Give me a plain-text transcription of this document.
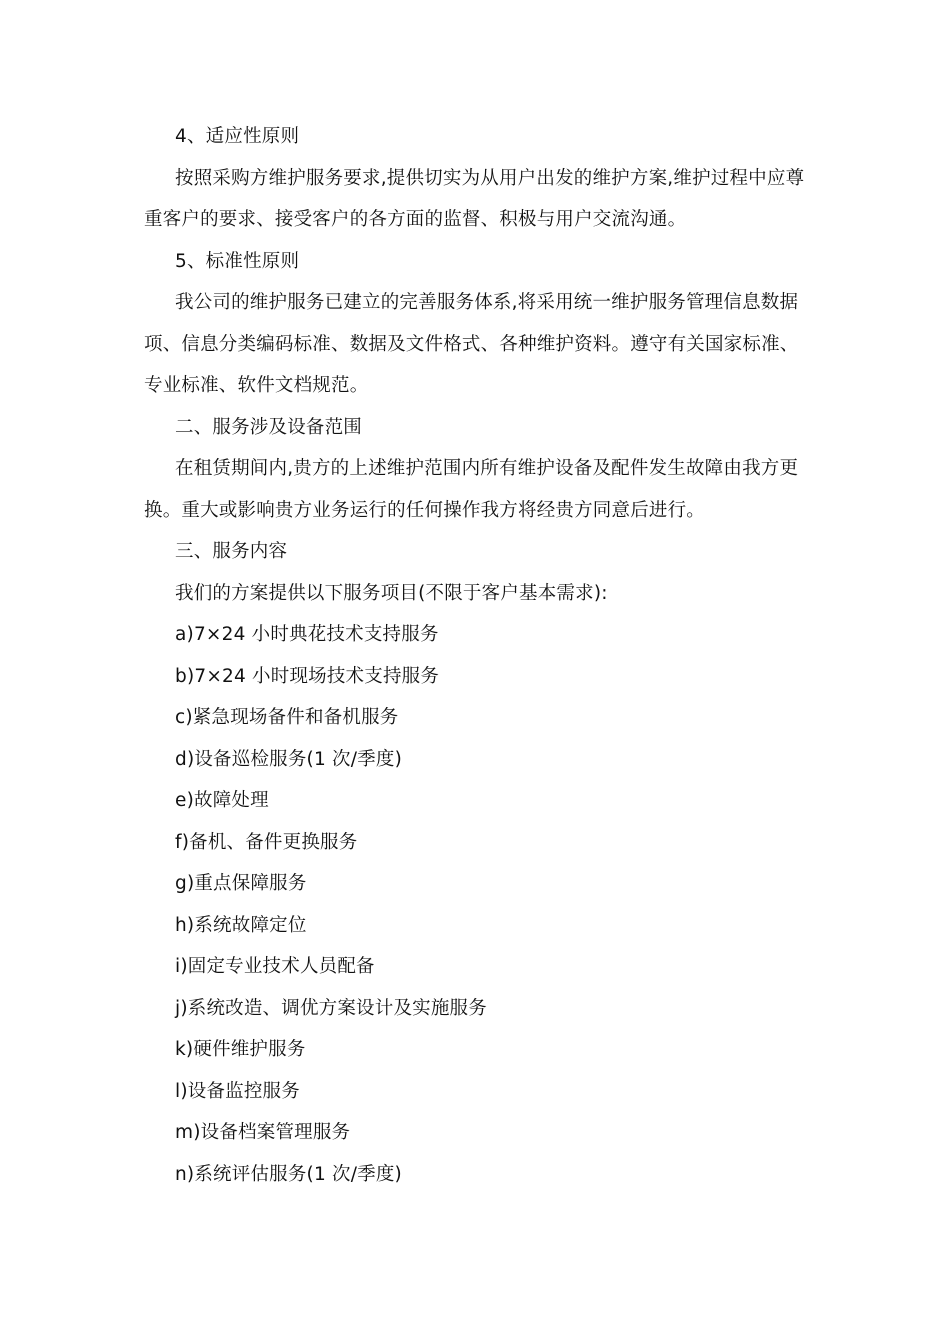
4、适应性原则

按照采购方维护服务要求,提供切实为从用户出发的维护方案,维护过程中应尊重客户的要求、接受客户的各方面的监督、积极与用户交流沟通。

5、标准性原则

我公司的维护服务已建立的完善服务体系,将采用统一维护服务管理信息数据项、信息分类编码标准、数据及文件格式、各种维护资料。遵守有关国家标准、专业标准、软件文档规范。

二、服务涉及设备范围

在租赁期间内,贵方的上述维护范围内所有维护设备及配件发生故障由我方更换。重大或影响贵方业务运行的任何操作我方将经贵方同意后进行。

三、服务内容

我们的方案提供以下服务项目(不限于客户基本需求):

a)7×24 小时典花技术支持服务

b)7×24 小时现场技术支持服务

c)紧急现场备件和备机服务

d)设备巡检服务(1 次/季度)

e)故障处理

f)备机、备件更换服务

g)重点保障服务

h)系统故障定位

i)固定专业技术人员配备

j)系统改造、调优方案设计及实施服务

k)硬件维护服务

l)设备监控服务

m)设备档案管理服务

n)系统评估服务(1 次/季度)
